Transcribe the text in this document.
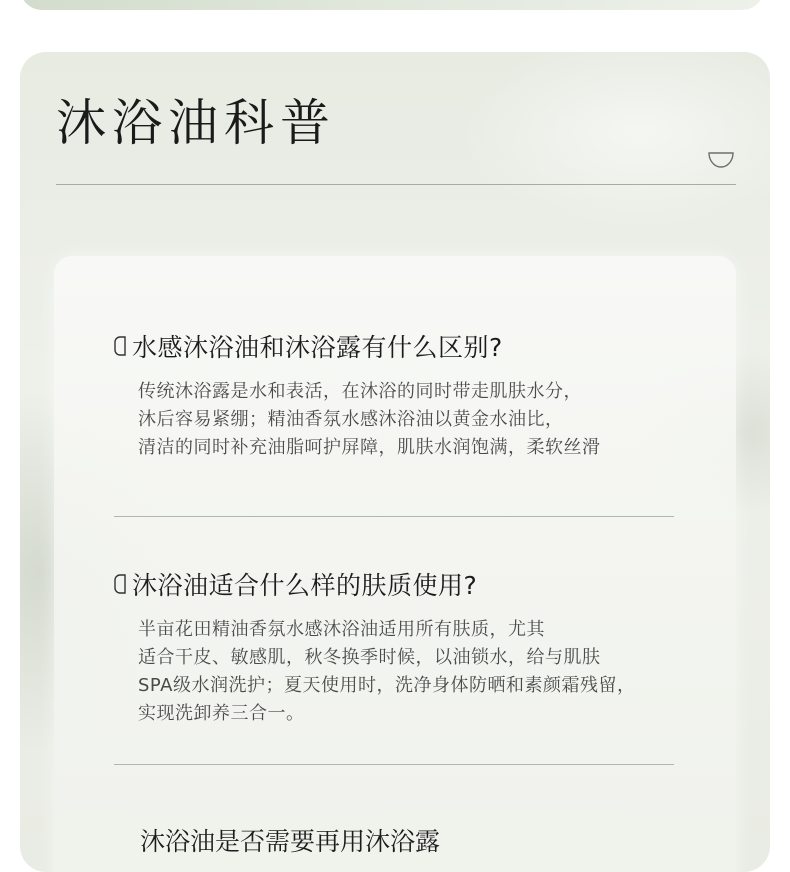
沐浴油科普
水感沐浴油和沐浴露有什么区别?
传统沐浴露是水和表活，在沐浴的同时带走肌肤水分，
沐后容易紧绷；精油香氛水感沐浴油以黄金水油比，
清洁的同时补充油脂呵护屏障，肌肤水润饱满，柔软丝滑
沐浴油适合什么样的肤质使用?
半亩花田精油香氛水感沐浴油适用所有肤质，尤其
适合干皮、敏感肌，秋冬换季时候，以油锁水，给与肌肤
SPA级水润洗护；夏天使用时，洗净身体防晒和素颜霜残留，
实现洗卸养三合一。
沐浴油是否需要再用沐浴露
